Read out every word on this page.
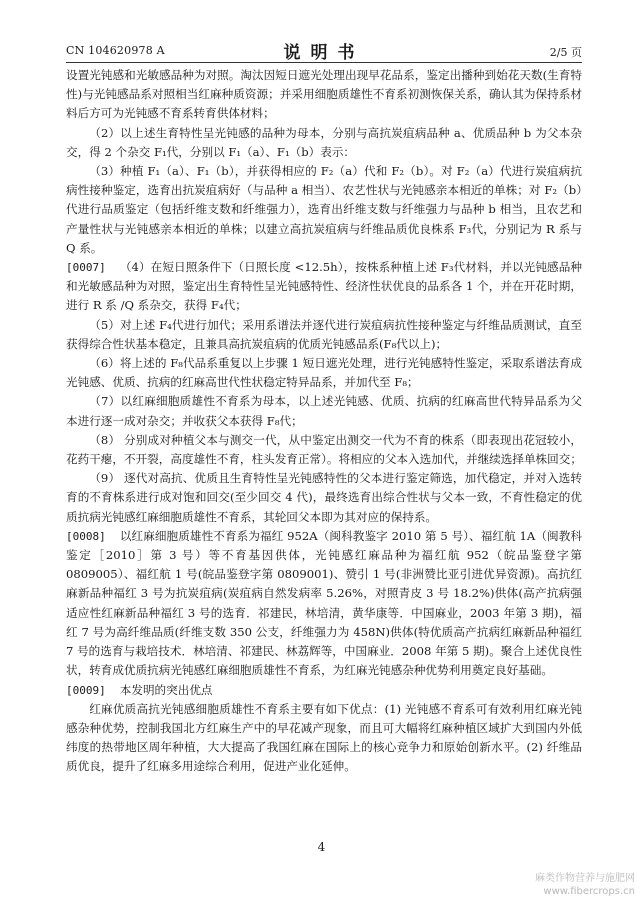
CN 104620978 A	说明书	2/5 页

设置光钝感和光敏感品种为对照。淘汰因短日遮光处理出现早花品系，鉴定出播种到始花天数(生育特性)与光钝感品系对照相当红麻种质资源；并采用细胞质雄性不育系初测恢保关系，确认其为保持系材料后方可为光钝感不育系转育供体材料；

（2）以上述生育特性呈光钝感的品种为母本，分别与高抗炭疽病品种 a、优质品种 b 为父本杂交，得 2 个杂交 F₁代，分别以 F₁（a）、F₁（b）表示：

（3）种植 F₁（a）、F₁（b），并获得相应的 F₂（a）代和 F₂（b）。对 F₂（a）代进行炭疽病抗病性接种鉴定，选育出抗炭疽病好（与品种 a 相当）、农艺性状与光钝感亲本相近的单株；对 F₂（b）代进行品质鉴定（包括纤维支数和纤维强力），选育出纤维支数与纤维强力与品种 b 相当，且农艺和产量性状与光钝感亲本相近的单株；以建立高抗炭疽病与纤维品质优良株系 F₃代，分别记为 R 系与 Q 系。

[0007] （4）在短日照条件下（日照长度 <12.5h），按株系种植上述 F₃代材料，并以光钝感品种和光敏感品种为对照，鉴定出生育特性呈光钝感特性、经济性状优良的品系各 1 个，并在开花时期，进行 R 系 /Q 系杂交，获得 F₄代；

（5）对上述 F₄代进行加代；采用系谱法并逐代进行炭疽病抗性接种鉴定与纤维品质测试，直至获得综合性状基本稳定，且兼具高抗炭疽病的优质光钝感品系(F₈代以上)；

（6）将上述的 F₈代品系重复以上步骤 1 短日遮光处理，进行光钝感特性鉴定，采取系谱法育成光钝感、优质、抗病的红麻高世代性状稳定特异品系，并加代至 F₈；

（7）以红麻细胞质雄性不育系为母本，以上述光钝感、优质、抗病的红麻高世代特异品系为父本进行逐一成对杂交；并收获父本获得 F₈代；

（8） 分别成对种植父本与测交一代，从中鉴定出测交一代为不育的株系（即表现出花冠较小，花药干瘪，不开裂，高度雄性不育，柱头发育正常）。将相应的父本入选加代，并继续选择单株回交；

（9） 逐代对高抗、优质且生育特性呈光钝感特性的父本进行鉴定筛选，加代稳定，并对入选转育的不育株系进行成对饱和回交(至少回交 4 代)，最终选育出综合性状与父本一致，不育性稳定的优质抗病光钝感红麻细胞质雄性不育系，其轮回父本即为其对应的保持系。

[0008] 以红麻细胞质雄性不育系为福红 952A（闽科教鉴字 2010 第 5 号）、福红航 1A（闽教科鉴定［2010］第 3 号）等不育基因供体，光钝感红麻品种为福红航 952（皖品鉴登字第 0809005）、福红航 1 号(皖品鉴登字第 0809001)、赞引 1 号(非洲赞比亚引进优异资源)。高抗红麻新品种福红 3 号为抗炭疽病(炭疽病自然发病率 5.26%，对照青皮 3 号 18.2%)供体(高产抗病强适应性红麻新品种福红 3 号的选育．祁建民，林培清，黄华康等．中国麻业，2003 年第 3 期)，福红 7 号为高纤维品质(纤维支数 350 公支，纤维强力为 458N)供体(特优质高产抗病红麻新品种福红 7 号的选育与栽培技术．林培清、祁建民、林荔辉等，中国麻业．2008 年第 5 期)。聚合上述优良性状，转育成优质抗病光钝感红麻细胞质雄性不育系，为红麻光钝感杂种优势利用奠定良好基础。

[0009] 本发明的突出优点

红麻优质高抗光钝感细胞质雄性不育系主要有如下优点：(1) 光钝感不育系可有效利用红麻光钝感杂种优势，控制我国北方红麻生产中的早花减产现象，而且可大幅将红麻种植区域扩大到国内外低纬度的热带地区周年种植，大大提高了我国红麻在国际上的核心竞争力和原始创新水平。(2) 纤维品质优良，提升了红麻多用途综合利用，促进产业化延伸。

4
麻类作物营养与施肥网
www.fibercrops.cn
